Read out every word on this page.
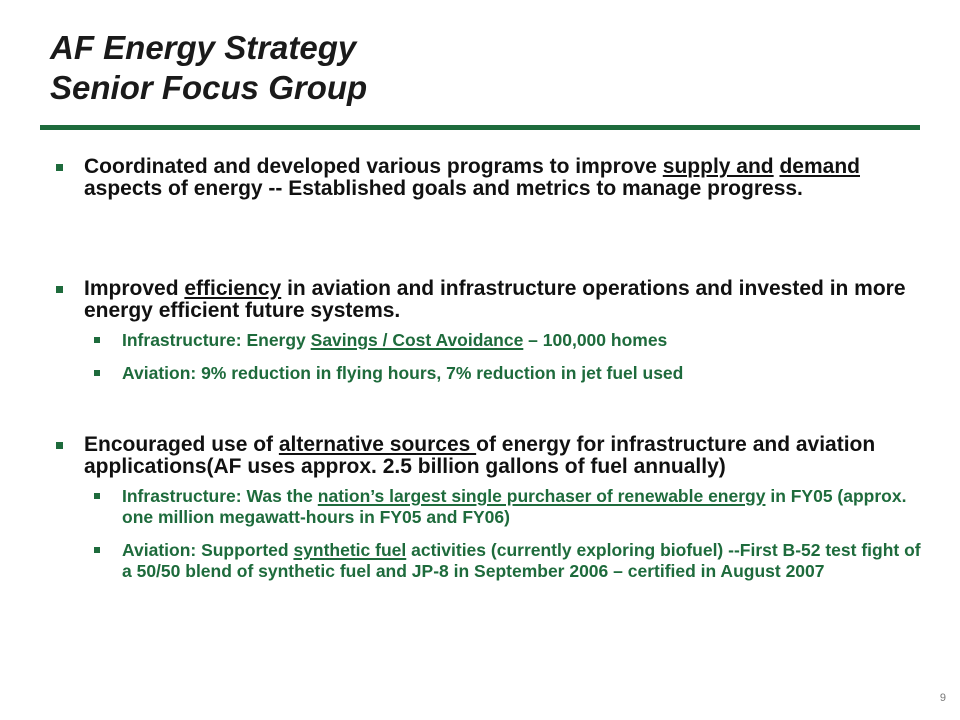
AF Energy Strategy
Senior Focus Group
Coordinated and developed various programs to improve supply and demand aspects of energy -- Established goals and metrics to manage progress.
Improved efficiency in aviation and infrastructure operations and invested in more energy efficient future systems.
Infrastructure: Energy Savings / Cost Avoidance – 100,000 homes
Aviation: 9% reduction in flying hours, 7% reduction in jet fuel used
Encouraged use of alternative sources of energy for infrastructure and aviation applications(AF uses approx. 2.5 billion gallons of fuel annually)
Infrastructure: Was the nation’s largest single purchaser of renewable energy in FY05 (approx. one million megawatt-hours in FY05 and FY06)
Aviation: Supported synthetic fuel activities (currently exploring biofuel) --First B-52 test fight of a 50/50 blend of synthetic fuel and JP-8 in September 2006 – certified in August 2007
9
